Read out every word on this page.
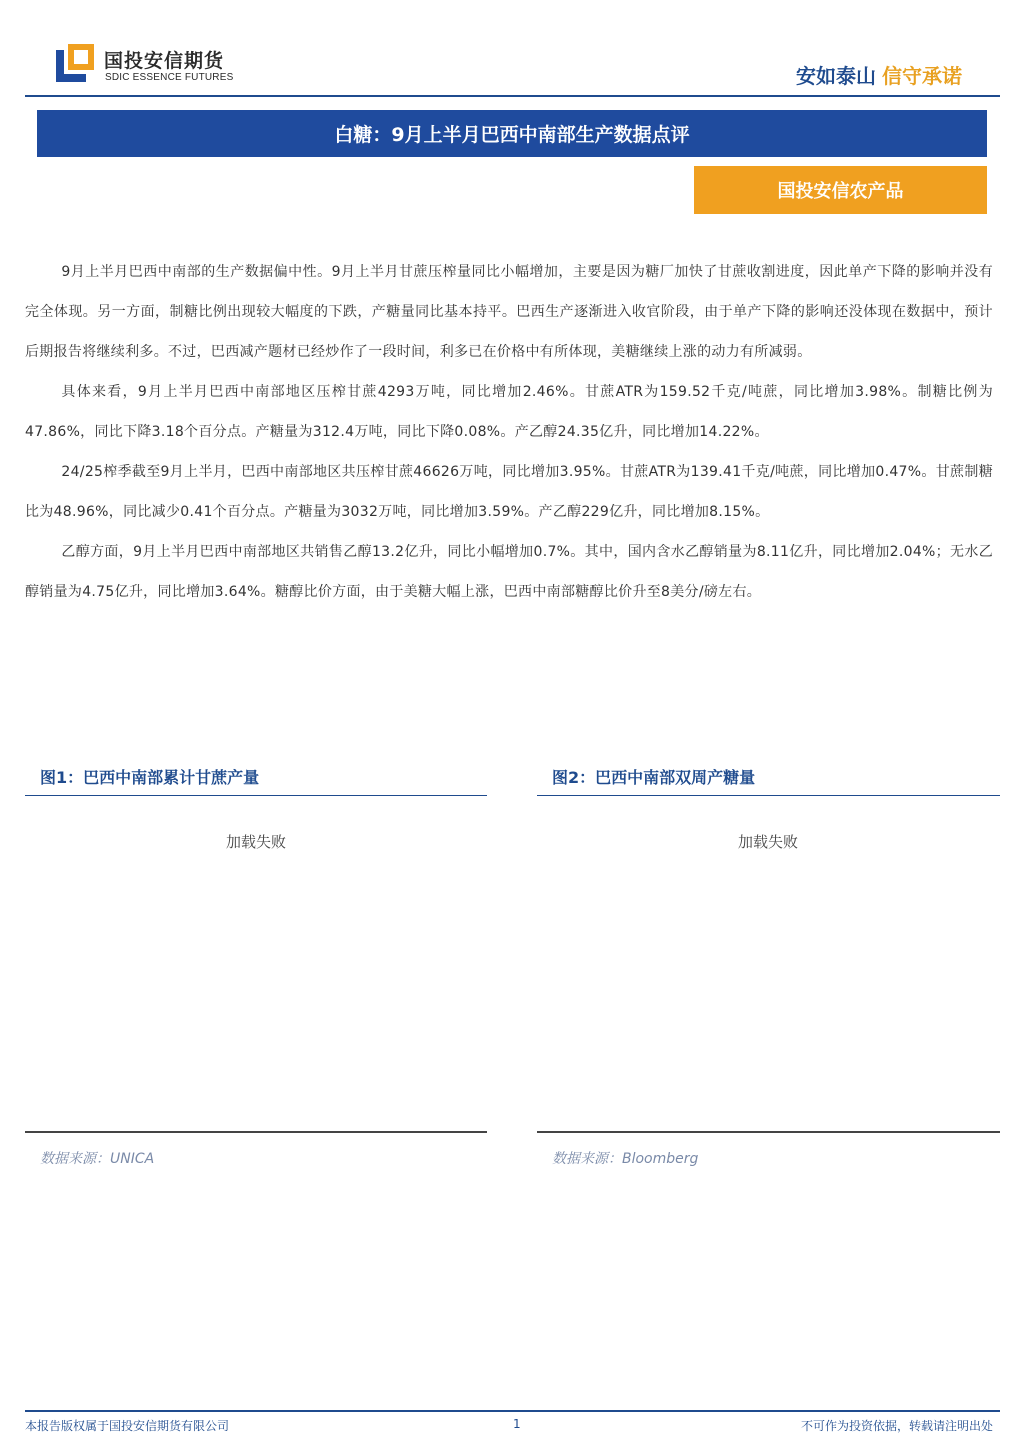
国投安信期货
SDIC ESSENCE FUTURES	安如泰山 信守承诺
白糖：9月上半月巴西中南部生产数据点评
国投安信农产品

9月上半月巴西中南部的生产数据偏中性。9月上半月甘蔗压榨量同比小幅增加，主要是因为糖厂加快了甘蔗收割进度，因此单产下降的影响并没有完全体现。另一方面，制糖比例出现较大幅度的下跌，产糖量同比基本持平。巴西生产逐渐进入收官阶段，由于单产下降的影响还没体现在数据中，预计后期报告将继续利多。不过，巴西减产题材已经炒作了一段时间，利多已在价格中有所体现，美糖继续上涨的动力有所减弱。

具体来看，9月上半月巴西中南部地区压榨甘蔗4293万吨，同比增加2.46%。甘蔗ATR为159.52千克/吨蔗，同比增加3.98%。制糖比例为47.86%，同比下降3.18个百分点。产糖量为312.4万吨，同比下降0.08%。产乙醇24.35亿升，同比增加14.22%。

24/25榨季截至9月上半月，巴西中南部地区共压榨甘蔗46626万吨，同比增加3.95%。甘蔗ATR为139.41千克/吨蔗，同比增加0.47%。甘蔗制糖比为48.96%，同比减少0.41个百分点。产糖量为3032万吨，同比增加3.59%。产乙醇229亿升，同比增加8.15%。

乙醇方面，9月上半月巴西中南部地区共销售乙醇13.2亿升，同比小幅增加0.7%。其中，国内含水乙醇销量为8.11亿升，同比增加2.04%；无水乙醇销量为4.75亿升，同比增加3.64%。糖醇比价方面，由于美糖大幅上涨，巴西中南部糖醇比价升至8美分/磅左右。

图1：巴西中南部累计甘蔗产量
加载失败
数据来源：UNICA
图2：巴西中南部双周产糖量
加载失败
数据来源：Bloomberg
本报告版权属于国投安信期货有限公司	1	不可作为投资依据，转载请注明出处
